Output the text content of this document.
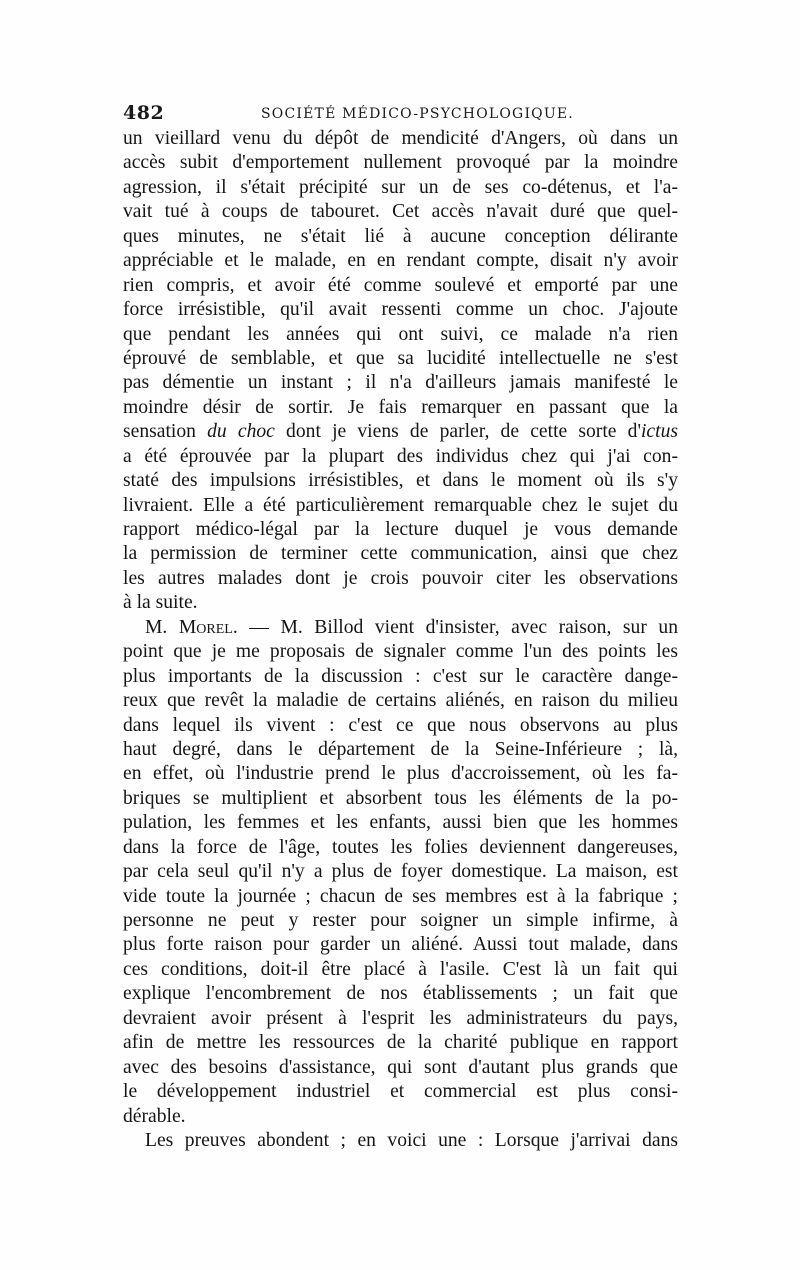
482	SOCIÉTÉ MÉDICO-PSYCHOLOGIQUE.
un vieillard venu du dépôt de mendicité d'Angers, où dans un
accès subit d'emportement nullement provoqué par la moindre
agression, il s'était précipité sur un de ses co-détenus, et l'a-
vait tué à coups de tabouret. Cet accès n'avait duré que quel-
ques minutes, ne s'était lié à aucune conception délirante
appréciable et le malade, en en rendant compte, disait n'y avoir
rien compris, et avoir été comme soulevé et emporté par une
force irrésistible, qu'il avait ressenti comme un choc. J'ajoute
que pendant les années qui ont suivi, ce malade n'a rien
éprouvé de semblable, et que sa lucidité intellectuelle ne s'est
pas démentie un instant ; il n'a d'ailleurs jamais manifesté le
moindre désir de sortir. Je fais remarquer en passant que la
sensation du choc dont je viens de parler, de cette sorte d'ictus
a été éprouvée par la plupart des individus chez qui j'ai con-
staté des impulsions irrésistibles, et dans le moment où ils s'y
livraient. Elle a été particulièrement remarquable chez le sujet du
rapport médico-légal par la lecture duquel je vous demande
la permission de terminer cette communication, ainsi que chez
les autres malades dont je crois pouvoir citer les observations
à la suite.
M. Morel. — M. Billod vient d'insister, avec raison, sur un
point que je me proposais de signaler comme l'un des points les
plus importants de la discussion : c'est sur le caractère dange-
reux que revêt la maladie de certains aliénés, en raison du milieu
dans lequel ils vivent : c'est ce que nous observons au plus
haut degré, dans le département de la Seine-Inférieure ; là,
en effet, où l'industrie prend le plus d'accroissement, où les fa-
briques se multiplient et absorbent tous les éléments de la po-
pulation, les femmes et les enfants, aussi bien que les hommes
dans la force de l'âge, toutes les folies deviennent dangereuses,
par cela seul qu'il n'y a plus de foyer domestique. La maison, est
vide toute la journée ; chacun de ses membres est à la fabrique ;
personne ne peut y rester pour soigner un simple infirme, à
plus forte raison pour garder un aliéné. Aussi tout malade, dans
ces conditions, doit-il être placé à l'asile. C'est là un fait qui
explique l'encombrement de nos établissements ; un fait que
devraient avoir présent à l'esprit les administrateurs du pays,
afin de mettre les ressources de la charité publique en rapport
avec des besoins d'assistance, qui sont d'autant plus grands que
le développement industriel et commercial est plus consi-
dérable.
Les preuves abondent ; en voici une : Lorsque j'arrivai dans
